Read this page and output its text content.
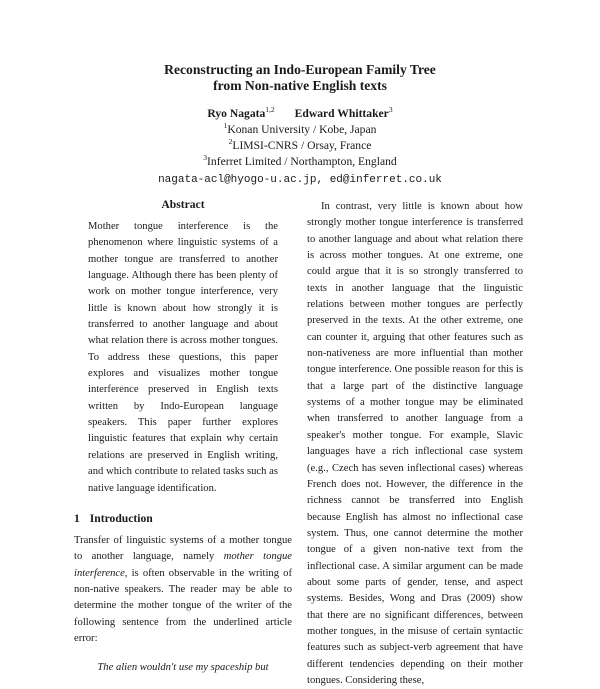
Reconstructing an Indo-European Family Tree
from Non-native English texts
Ryo Nagata$^{1,2}$ Edward Whittaker$^3$
$^1$Konan University / Kobe, Japan
$^2$LIMSI-CNRS / Orsay, France
$^3$Inferret Limited / Northampton, England
nagata-acl@hyogo-u.ac.jp, ed@inferret.co.uk
Abstract

Mother tongue interference is the phenomenon where linguistic systems of a mother tongue are transferred to another language. Although there has been plenty of work on mother tongue interference, very little is known about how strongly it is transferred to another language and about what relation there is across mother tongues. To address these questions, this paper explores and visualizes mother tongue interference preserved in English texts written by Indo-European language speakers. This paper further explores linguistic features that explain why certain relations are preserved in English writing, and which contribute to related tasks such as native language identification.

1 Introduction

Transfer of linguistic systems of a mother tongue to another language, namely mother tongue interference, is often observable in the writing of non-native speakers. The reader may be able to determine the mother tongue of the writer of the following sentence from the underlined article error:

The alien wouldn't use my spaceship but

In contrast, very little is known about how strongly mother tongue interference is transferred to another language and about what relation there is across mother tongues. At one extreme, one could argue that it is so strongly transferred to texts in another language that the linguistic relations between mother tongues are perfectly preserved in the texts. At the other extreme, one can counter it, arguing that other features such as non-nativeness are more influential than mother tongue interference. One possible reason for this is that a large part of the distinctive language systems of a mother tongue may be eliminated when transferred to another language from a speaker's mother tongue. For example, Slavic languages have a rich inflectional case system (e.g., Czech has seven inflectional cases) whereas French does not. However, the difference in the richness cannot be transferred into English because English has almost no inflectional case system. Thus, one cannot determine the mother tongue of a given non-native text from the inflectional case. A similar argument can be made about some parts of gender, tense, and aspect systems. Besides, Wong and Dras (2009) show that there are no significant differences, between mother tongues, in the misuse of certain syntactic features such as subject-verb agreement that have different tendencies depending on their mother tongues. Considering these,
